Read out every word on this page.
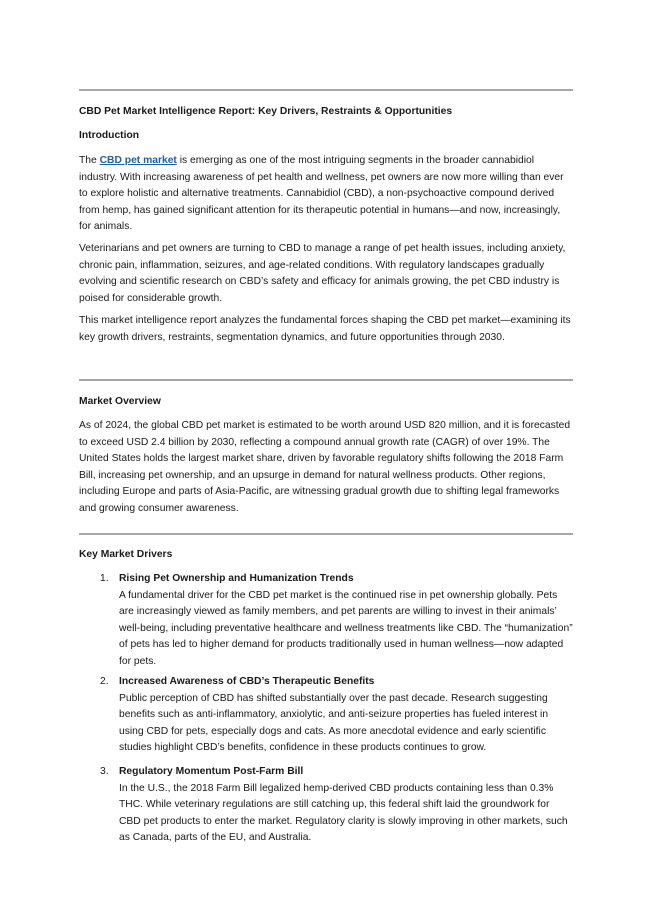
CBD Pet Market Intelligence Report: Key Drivers, Restraints & Opportunities
Introduction

The CBD pet market is emerging as one of the most intriguing segments in the broader cannabidiol industry. With increasing awareness of pet health and wellness, pet owners are now more willing than ever to explore holistic and alternative treatments. Cannabidiol (CBD), a non-psychoactive compound derived from hemp, has gained significant attention for its therapeutic potential in humans—and now, increasingly, for animals.

Veterinarians and pet owners are turning to CBD to manage a range of pet health issues, including anxiety, chronic pain, inflammation, seizures, and age-related conditions. With regulatory landscapes gradually evolving and scientific research on CBD’s safety and efficacy for animals growing, the pet CBD industry is poised for considerable growth.

This market intelligence report analyzes the fundamental forces shaping the CBD pet market—examining its key growth drivers, restraints, segmentation dynamics, and future opportunities through 2030.

Market Overview

As of 2024, the global CBD pet market is estimated to be worth around USD 820 million, and it is forecasted to exceed USD 2.4 billion by 2030, reflecting a compound annual growth rate (CAGR) of over 19%. The United States holds the largest market share, driven by favorable regulatory shifts following the 2018 Farm Bill, increasing pet ownership, and an upsurge in demand for natural wellness products. Other regions, including Europe and parts of Asia-Pacific, are witnessing gradual growth due to shifting legal frameworks and growing consumer awareness.

Key Market Drivers
1. Rising Pet Ownership and Humanization Trends
A fundamental driver for the CBD pet market is the continued rise in pet ownership globally. Pets are increasingly viewed as family members, and pet parents are willing to invest in their animals’ well-being, including preventative healthcare and wellness treatments like CBD. The “humanization” of pets has led to higher demand for products traditionally used in human wellness—now adapted for pets.
2. Increased Awareness of CBD’s Therapeutic Benefits
Public perception of CBD has shifted substantially over the past decade. Research suggesting benefits such as anti-inflammatory, anxiolytic, and anti-seizure properties has fueled interest in using CBD for pets, especially dogs and cats. As more anecdotal evidence and early scientific studies highlight CBD’s benefits, confidence in these products continues to grow.
3. Regulatory Momentum Post-Farm Bill
In the U.S., the 2018 Farm Bill legalized hemp-derived CBD products containing less than 0.3% THC. While veterinary regulations are still catching up, this federal shift laid the groundwork for CBD pet products to enter the market. Regulatory clarity is slowly improving in other markets, such as Canada, parts of the EU, and Australia.
